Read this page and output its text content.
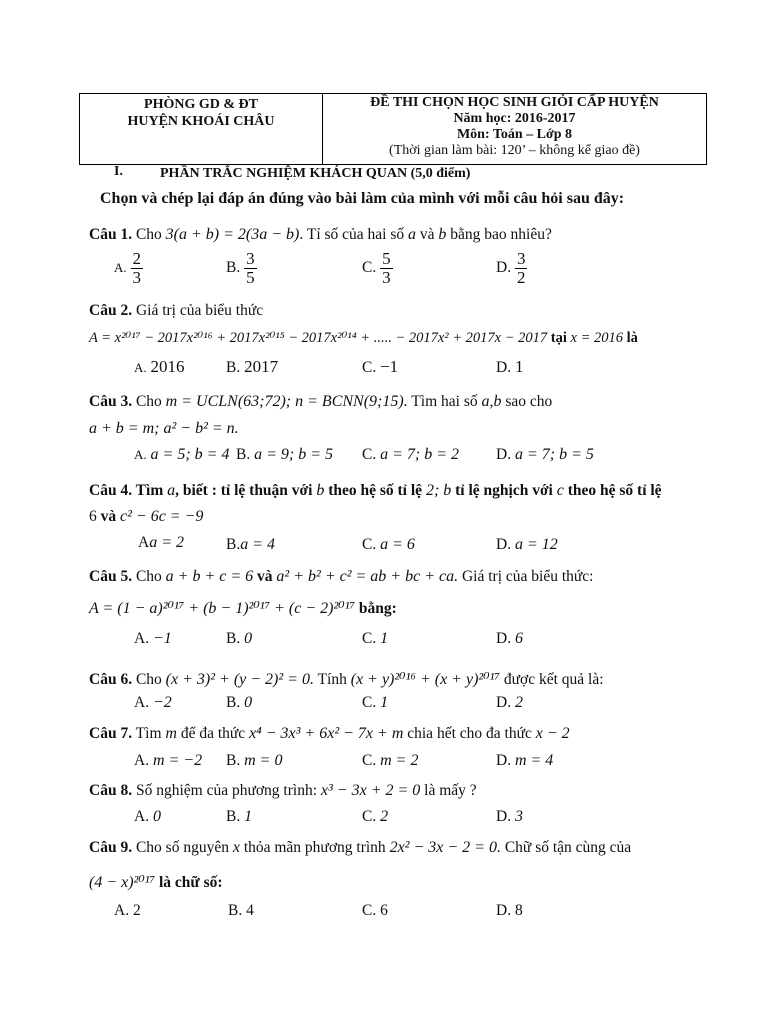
PHÒNG GD & ĐT
HUYỆN KHOÁI CHÂU
ĐỀ THI CHỌN HỌC SINH GIỎI CẤP HUYỆN
Năm học: 2016-2017
Môn: Toán – Lớp 8
(Thời gian làm bài: 120’ – không kể giao đề)
I.	PHẦN TRẮC NGHIỆM KHÁCH QUAN (5,0 điểm)
Chọn và chép lại đáp án đúng vào bài làm của mình với mỗi câu hỏi sau đây:
Câu 1. Cho 3(a + b) = 2(3a − b). Tỉ số của hai số a và b bằng bao nhiêu?
A. $\frac{2}{3}$	B. $\frac{3}{5}$	C. $\frac{5}{3}$	D. $\frac{3}{2}$
Câu 2. Giá trị của biểu thức
A = x²⁰¹⁷ − 2017x²⁰¹⁶ + 2017x²⁰¹⁵ − 2017x²⁰¹⁴ + ..... − 2017x² + 2017x − 2017 tại x = 2016 là
A. 2016	B. 2017	C. −1	D. 1
Câu 3. Cho m = UCLN(63;72); n = BCNN(9;15). Tìm hai số a,b sao cho
a + b = m; a² − b² = n.
A. a = 5; b = 4 B. a = 9; b = 5 C. a = 7; b = 2 D. a = 7; b = 5
Câu 4. Tìm a, biết : tỉ lệ thuận với b theo hệ số tỉ lệ 2; b tỉ lệ nghịch với c theo hệ số tỉ lệ
6 và c² − 6c = −9
Aa = 2	B.a = 4	C. a = 6	D. a = 12
Câu 5. Cho a + b + c = 6 và a² + b² + c² = ab + bc + ca. Giá trị của biểu thức:
A = (1 − a)²⁰¹⁷ + (b − 1)²⁰¹⁷ + (c − 2)²⁰¹⁷ bằng:
A. −1	B. 0	C. 1	D. 6
Câu 6. Cho (x + 3)² + (y − 2)² = 0. Tính (x + y)²⁰¹⁶ + (x + y)²⁰¹⁷ được kết quả là:
A. −2	B. 0	C. 1	D. 2
Câu 7. Tìm m để đa thức x⁴ − 3x³ + 6x² − 7x + m chia hết cho đa thức x − 2
A. m = −2 B. m = 0	C. m = 2	D. m = 4
Câu 8. Số nghiệm của phương trình: x³ − 3x + 2 = 0 là mấy ?
A. 0	B. 1	C. 2	D. 3
Câu 9. Cho số nguyên x thỏa mãn phương trình 2x² − 3x − 2 = 0. Chữ số tận cùng của
(4 − x)²⁰¹⁷ là chữ số:
A. 2	B. 4	C. 6	D. 8
